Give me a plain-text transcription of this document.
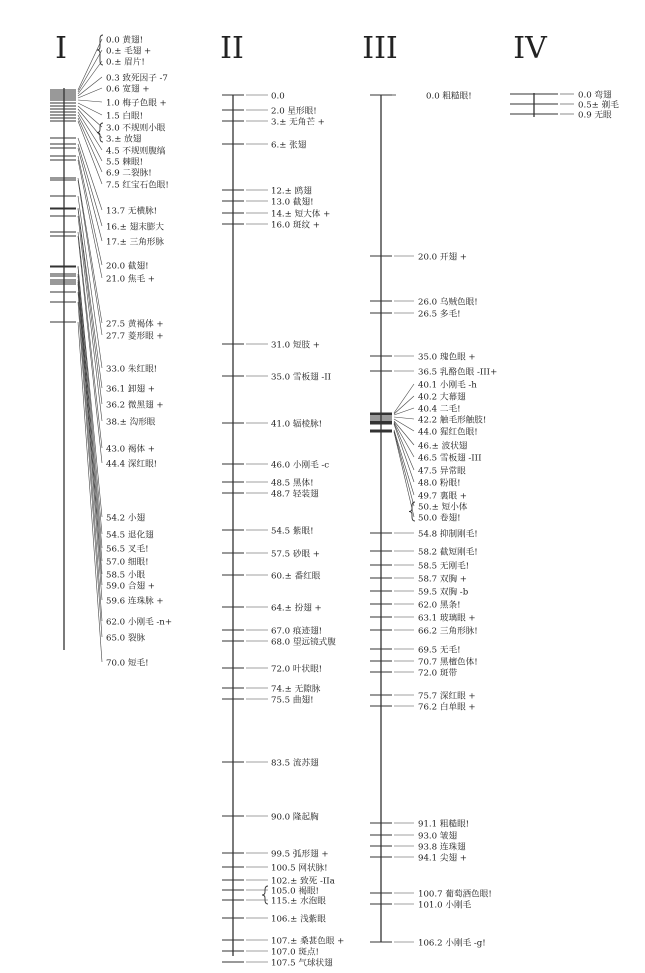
I	0.0 黄翅!
0.± 毛翅 +
0.± 眉片!
0.3 致死因子 -7
0.6 宽翅 +
1.0 梅子色眼 +
1.5 白眼!
3.0 不规则小眼
3.± 放翅
4.5 不规则腹缟
5.5 棘眼!
6.9 二裂脉!
7.5 红宝石色眼!
13.7 无横脉!
16.± 翅末膨大
17.± 三角形脉
20.0 截翅!
21.0 焦毛 +
27.5 黄褐体 +
27.7 菱形眼 +
33.0 朱红眼!
36.1 卸翅 +
36.2 微黑翅 +
38.± 沟形眼
43.0 褐体 +
44.4 深红眼!
54.2 小翅
54.5 退化翅
56.5 叉毛!
57.0 细眼!
58.5 小眼
59.0 合翅 +
59.6 连珠脉 +
62.0 小刚毛 -n+
65.0 裂脉
70.0 短毛!
II
0.0
2.0 星形眼!
3.± 无角芒 +
6.± 张翅
12.± 鸥翅
13.0 截翅!
14.± 短大体 +
16.0 斑纹 +
31.0 短肢 +
35.0 雪板翅 -II
41.0 辐棱脉!
46.0 小刚毛 -c
48.5 黑体!
48.7 轻装翅
54.5 紫眼!
57.5 砂眼 +
60.± 番红眼
64.± 扮翅 +
67.0 痕迹翅!
68.0 望远镜式腹
72.0 叶状眼!
74.± 无隙脉
75.5 曲翅!
83.5 流苏翅
90.0 隆起胸
99.5 弧形翅 +
100.5 网状脉!
102.± 致死 -IIa
105.0 褐眼!
115.± 水泡眼
106.± 浅紫眼
107.± 桑葚色眼 +
107.0 斑点!
107.5 气球状翅
III
0.0 粗糙眼!
20.0 开翅 +
26.0 乌贼色眼!
26.5 多毛!
35.0 瑰色眼 +
36.5 乳酪色眼 -III+
40.1 小刚毛 -h
40.2 大幕翅
40.4 二毛!
42.2 触毛形触肢!
44.0 猩红色眼!
46.± 波状翅
46.5 雪板翅 -III
47.5 异常眼
48.0 粉眼!
49.7 裏眼 +
50.± 短小体
50.0 卷翅!
54.8 抑制刚毛!
58.2 截短刚毛!
58.5 无刚毛!
58.7 双胸 +
59.5 双胸 -b
62.0 黑条!
63.1 玻璃眼 +
66.2 三角形脉!
69.5 无毛!
70.7 黑檀色体!
72.0 斑带
75.7 深红眼 +
76.2 白单眼 +
91.1 粗糙眼!
93.0 皱翅
93.8 连珠翅
94.1 尖翅 +
100.7 葡萄酒色眼!
101.0 小刚毛
106.2 小刚毛 -g!
IV
0.0 弯翅
0.5± 剃毛
0.9 无眼
